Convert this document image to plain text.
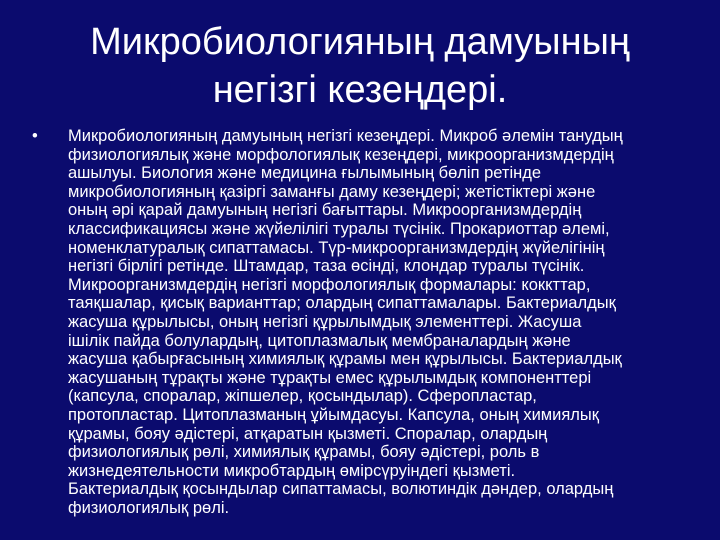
Микробиологияның дамуының
негізгі кезеңдері.
•	Микробиологияның дамуының негізгі кезеңдері. Микроб әлемін танудың
физиологиялық және морфологиялық кезеңдері, микроорганизмдердің
ашылуы. Биология және медицина ғылымының бөліп ретінде
микробиологияның қазіргі заманғы даму кезеңдері; жетістіктері және
оның әрі қарай дамуының негізгі бағыттары. Микроорганизмдердің
классификациясы және жүйелілігі туралы түсінік. Прокариоттар әлемі,
номенклатуралық сипаттамасы. Түр-микроорганизмдердің жүйелігінің
негізгі бірлігі ретінде. Штамдар, таза өсінді, клондар туралы түсінік.
Микроорганизмдердің негізгі морфологиялық формалары: коккттар,
таяқшалар, қисық варианттар; олардың сипаттамалары. Бактериалдық
жасуша құрылысы, оның негізгі құрылымдық элементтері. Жасуша
ішілік пайда болулардың, цитоплазмалық мембраналардың және
жасуша қабырғасының химиялық құрамы мен құрылысы. Бактериалдық
жасушаның тұрақты және тұрақты емес құрылымдық компоненттері
(капсула, споралар, жіпшелер, қосындылар). Сферопластар,
протопластар. Цитоплазманың ұйымдасуы. Капсула, оның химиялық
құрамы, бояу әдістері, атқаратын қызметі. Споралар, олардың
физиологиялық рөлі, химиялық құрамы, бояу әдістері, роль в
жизнедеятельности микробтардың өмірсүруіндегі қызметі.
Бактериалдық қосындылар сипаттамасы, волютиндік дәндер, олардың
физиологиялық рөлі.
